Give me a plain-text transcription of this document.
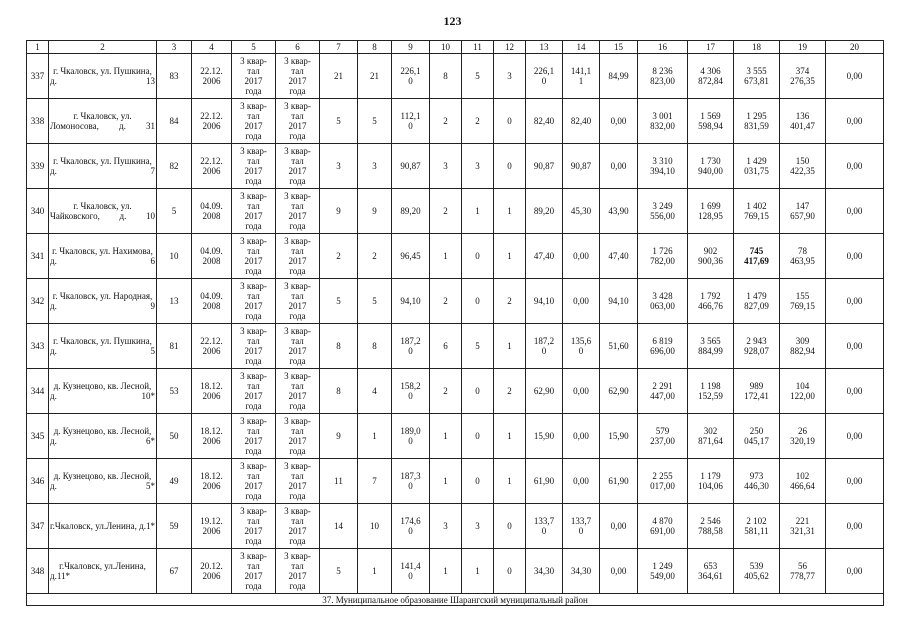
123
1	2	3	4	5	6	7	8	9	10	11	12	13	14	15	16	17	18	19	20
337	г. Чкаловск, ул. Пушкина, д. 13	83	22.12.
2006	3 квар-
тал
2017
года	3 квар-
тал
2017
года	21	21	226,1
0	8	5	3	226,1
0	141,1
1	84,99	8 236
823,00	4 306
872,84	3 555
673,81	374
276,35	0,00
338	г. Чкаловск, ул. Ломоносова, д. 31	84	22.12.
2006	3 квар-
тал
2017
года	3 квар-
тал
2017
года	5	5	112,1
0	2	2	0	82,40	82,40	0,00	3 001
832,00	1 569
598,94	1 295
831,59	136
401,47	0,00
339	г. Чкаловск, ул. Пушкина, д. 7	82	22.12.
2006	3 квар-
тал
2017
года	3 квар-
тал
2017
года	3	3	90,87	3	3	0	90,87	90,87	0,00	3 310
394,10	1 730
940,00	1 429
031,75	150
422,35	0,00
340	г. Чкаловск, ул. Чайковского, д. 10	5	04.09.
2008	3 квар-
тал
2017
года	3 квар-
тал
2017
года	9	9	89,20	2	1	1	89,20	45,30	43,90	3 249
556,00	1 699
128,95	1 402
769,15	147
657,90	0,00
341	г. Чкаловск, ул. Нахимова, д. 6	10	04.09.
2008	3 квар-
тал
2017
года	3 квар-
тал
2017
года	2	2	96,45	1	0	1	47,40	0,00	47,40	1 726
782,00	902
900,36	745
417,69	78
463,95	0,00
342	г. Чкаловск, ул. Народная, д. 9	13	04.09.
2008	3 квар-
тал
2017
года	3 квар-
тал
2017
года	5	5	94,10	2	0	2	94,10	0,00	94,10	3 428
063,00	1 792
466,76	1 479
827,09	155
769,15	0,00
343	г. Чкаловск, ул. Пушкина, д. 5	81	22.12.
2006	3 квар-
тал
2017
года	3 квар-
тал
2017
года	8	8	187,2
0	6	5	1	187,2
0	135,6
0	51,60	6 819
696,00	3 565
884,99	2 943
928,07	309
882,94	0,00
344	д. Кузнецово, кв. Лесной, д. 10*	53	18.12.
2006	3 квар-
тал
2017
года	3 квар-
тал
2017
года	8	4	158,2
0	2	0	2	62,90	0,00	62,90	2 291
447,00	1 198
152,59	989
172,41	104
122,00	0,00
345	д. Кузнецово, кв. Лесной, д. 6*	50	18.12.
2006	3 квар-
тал
2017
года	3 квар-
тал
2017
года	9	1	189,0
0	1	0	1	15,90	0,00	15,90	579
237,00	302
871,64	250
045,17	26
320,19	0,00
346	д. Кузнецово, кв. Лесной, д. 5*	49	18.12.
2006	3 квар-
тал
2017
года	3 квар-
тал
2017
года	11	7	187,3
0	1	0	1	61,90	0,00	61,90	2 255
017,00	1 179
104,06	973
446,30	102
466,64	0,00
347	г.Чкаловск, ул.Ленина, д.1*	59	19.12.
2006	3 квар-
тал
2017
года	3 квар-
тал
2017
года	14	10	174,6
0	3	3	0	133,7
0	133,7
0	0,00	4 870
691,00	2 546
788,58	2 102
581,11	221
321,31	0,00
348	г.Чкаловск, ул.Ленина, д.11*	67	20.12.
2006	3 квар-
тал
2017
года	3 квар-
тал
2017
года	5	1	141,4
0	1	1	0	34,30	34,30	0,00	1 249
549,00	653
364,61	539
405,62	56
778,77	0,00
37. Муниципальное образование Шарангский муниципальный район																			
